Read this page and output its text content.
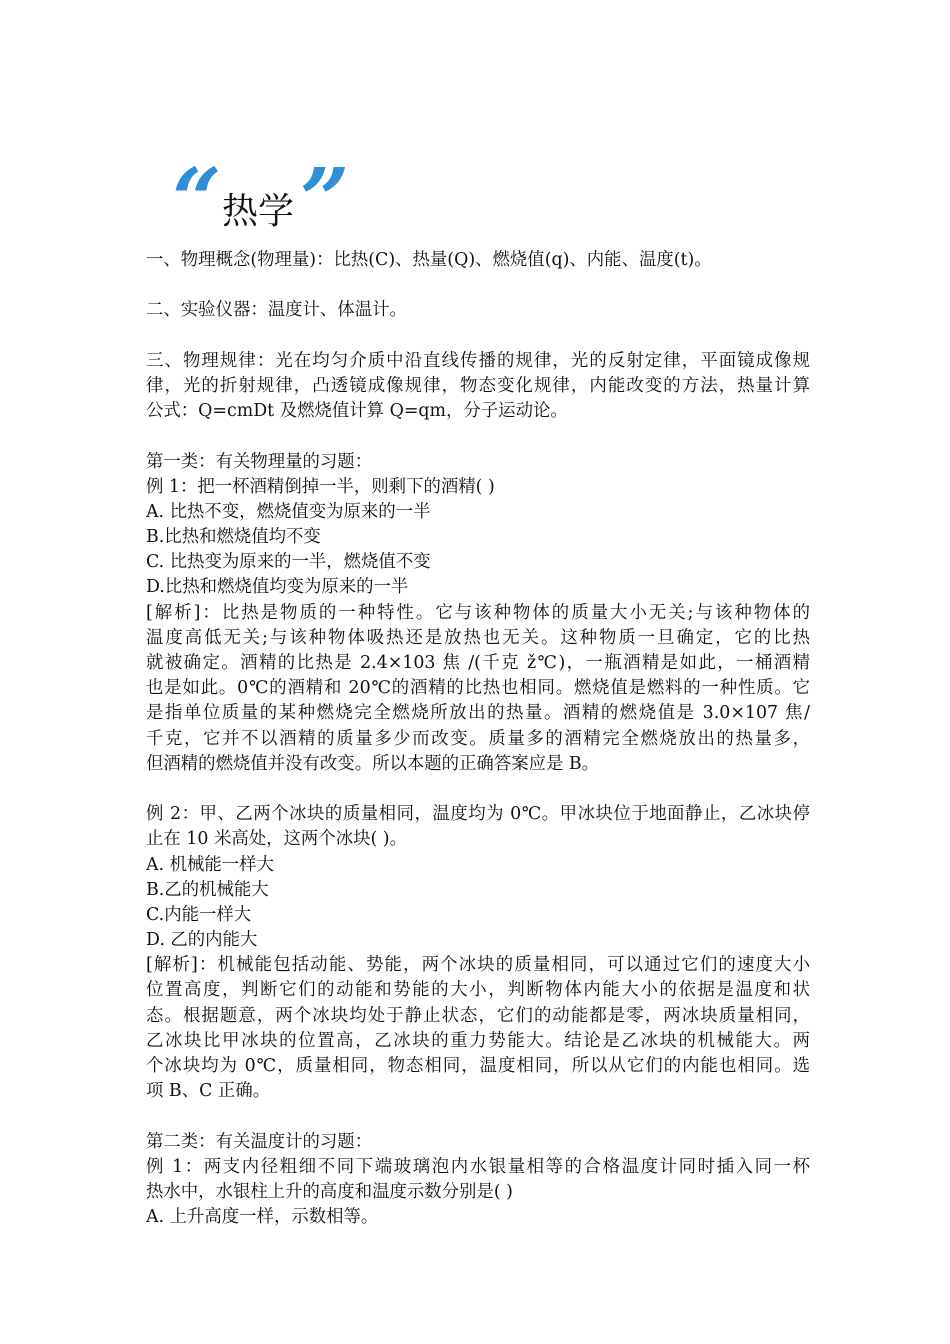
“ ”
热学
一、物理概念(物理量)：比热(C)、热量(Q)、燃烧值(q)、内能、温度(t)。
二、实验仪器：温度计、体温计。
三、物理规律：光在均匀介质中沿直线传播的规律，光的反射定律，平面镜成像规
律，光的折射规律，凸透镜成像规律，物态变化规律，内能改变的方法，热量计算
公式：Q=cmDt 及燃烧值计算 Q=qm，分子运动论。
第一类：有关物理量的习题：
例 1：把一杯酒精倒掉一半，则剩下的酒精( )
A. 比热不变，燃烧值变为原来的一半
B.比热和燃烧值均不变
C. 比热变为原来的一半，燃烧值不变
D.比热和燃烧值均变为原来的一半
[解析]：比热是物质的一种特性。它与该种物体的质量大小无关;与该种物体的
温度高低无关;与该种物体吸热还是放热也无关。这种物质一旦确定，它的比热
就被确定。酒精的比热是 2.4×103 焦 /(千克 ž℃)，一瓶酒精是如此，一桶酒精
也是如此。0℃的酒精和 20℃的酒精的比热也相同。燃烧值是燃料的一种性质。它
是指单位质量的某种燃烧完全燃烧所放出的热量。酒精的燃烧值是 3.0×107 焦/
千克，它并不以酒精的质量多少而改变。质量多的酒精完全燃烧放出的热量多，
但酒精的燃烧值并没有改变。所以本题的正确答案应是 B。
例 2：甲、乙两个冰块的质量相同，温度均为 0℃。甲冰块位于地面静止，乙冰块停
止在 10 米高处，这两个冰块( )。
A. 机械能一样大
B.乙的机械能大
C.内能一样大
D. 乙的内能大
[解析]：机械能包括动能、势能，两个冰块的质量相同，可以通过它们的速度大小
位置高度，判断它们的动能和势能的大小，判断物体内能大小的依据是温度和状
态。根据题意，两个冰块均处于静止状态，它们的动能都是零，两冰块质量相同，
乙冰块比甲冰块的位置高，乙冰块的重力势能大。结论是乙冰块的机械能大。两
个冰块均为 0℃，质量相同，物态相同，温度相同，所以从它们的内能也相同。选
项 B、C 正确。
第二类：有关温度计的习题：
例 1：两支内径粗细不同下端玻璃泡内水银量相等的合格温度计同时插入同一杯
热水中，水银柱上升的高度和温度示数分别是( )
A. 上升高度一样，示数相等。
